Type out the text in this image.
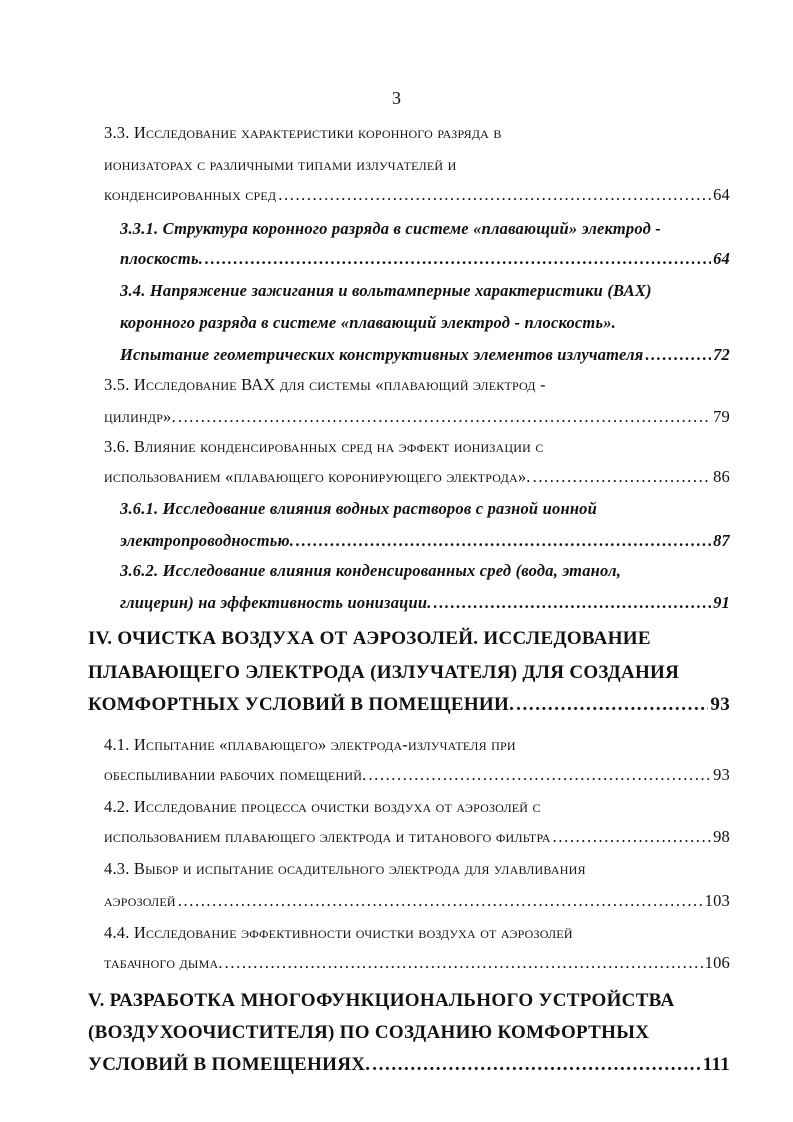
3
3.3. Исследование характеристики коронного разряда в
ионизаторах с различными типами излучателей и
конденсированных сред .....	64
3.3.1. Структура коронного разряда в системе «плавающий» электрод -
плоскость. .....	64
3.4. Напряжение зажигания и вольтамперные характеристики (ВАХ)
коронного разряда в системе «плавающий электрод - плоскость».
Испытание геометрических конструктивных элементов излучателя .....	72
3.5. Исследование ВАХ для системы «плавающий электрод -
цилиндр». .....	79
3.6. Влияние конденсированных сред на эффект ионизации с
использованием «плавающего коронирующего электрода». .....	86
3.6.1. Исследование влияния водных растворов с разной ионной
электропроводностью. .....	87
3.6.2. Исследование влияния конденсированных сред (вода, этанол,
глицерин) на эффективность ионизации. .....	91
IV. ОЧИСТКА ВОЗДУХА ОТ АЭРОЗОЛЕЙ. ИССЛЕДОВАНИЕ
ПЛАВАЮЩЕГО ЭЛЕКТРОДА (ИЗЛУЧАТЕЛЯ) ДЛЯ СОЗДАНИЯ
КОМФОРТНЫХ УСЛОВИЙ В ПОМЕЩЕНИИ. .....	93
4.1. Испытание «плавающего» электрода-излучателя при
обеспыливании рабочих помещений. .....	93
4.2. Исследование процесса очистки воздуха от аэрозолей с
использованием плавающего электрода и титанового фильтра .....	98
4.3. Выбор и испытание осадительного электрода для улавливания
аэрозолей .....	103
4.4. Исследование эффективности очистки воздуха от аэрозолей
табачного дыма. .....	106
V. РАЗРАБОТКА МНОГОФУНКЦИОНАЛЬНОГО УСТРОЙСТВА
(ВОЗДУХООЧИСТИТЕЛЯ) ПО СОЗДАНИЮ КОМФОРТНЫХ
УСЛОВИЙ В ПОМЕЩЕНИЯХ. .....	111
